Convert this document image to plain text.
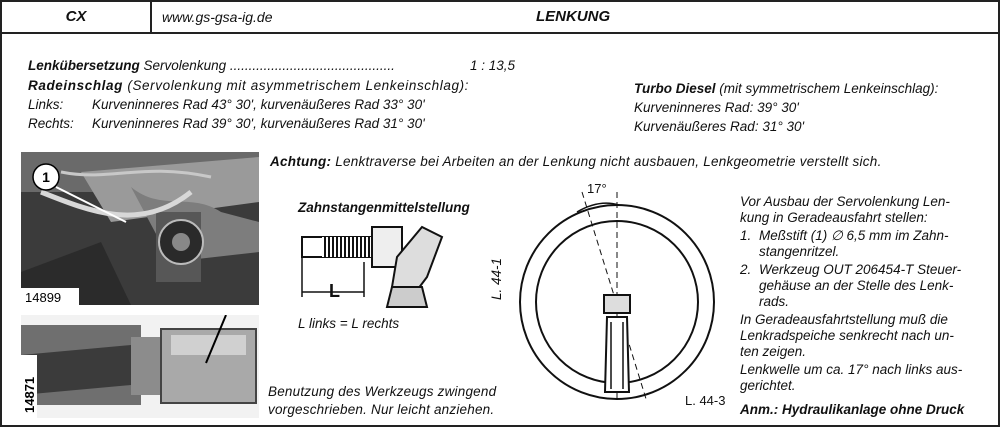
CX	www.gs-gsa-ig.de	LENKUNG
Lenkübersetzung Servolenkung ............................................	1 : 13,5
Radeinschlag (Servolenkung mit asymmetrischem Lenkeinschlag):
Links: Kurveninneres Rad 43° 30', kurvenäußeres Rad 33° 30'
Rechts: Kurveninneres Rad 39° 30', kurvenäußeres Rad 31° 30'
Turbo Diesel (mit symmetrischem Lenkeinschlag):
Kurveninneres Rad: 39° 30'
Kurvenäußeres Rad: 31° 30'
Achtung: Lenktraverse bei Arbeiten an der Lenkung nicht ausbauen, Lenkgeometrie verstellt sich.
1
14899
14871
Zahnstangenmittelstellung
L
L links = L rechts
L. 44-1
17°
L. 44-3
Benutzung des Werkzeugs zwingend
vorgeschrieben. Nur leicht anziehen.
Vor Ausbau der Servolenkung Len-
kung in Geradeausfahrt stellen:
1. Meßstift (1) ∅ 6,5 mm im Zahn-
stangenritzel.
2. Werkzeug OUT 206454-T Steuer-
gehäuse an der Stelle des Lenk-
rads.
In Geradeausfahrtstellung muß die
Lenkradspeiche senkrecht nach un-
ten zeigen.
Lenkwelle um ca. 17° nach links aus-
gerichtet.
Anm.: Hydraulikanlage ohne Druck
